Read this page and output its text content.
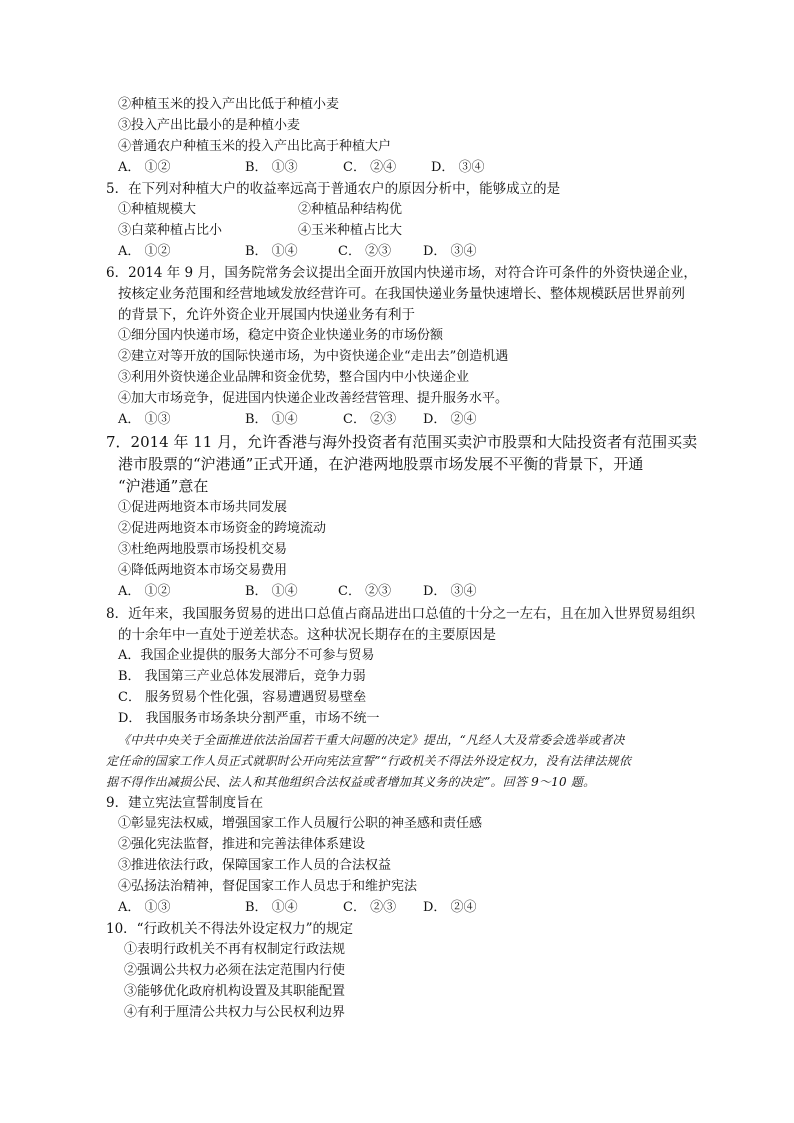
②种植玉米的投入产出比低于种植小麦
③投入产出比最小的是种植小麦
④普通农户种植玉米的投入产出比高于种植大户
A． ①②	B． ①③	C． ②④	D． ③④
5．在下列对种植大户的收益率远高于普通农户的原因分析中，能够成立的是
①种植规模大	②种植品种结构优
③白菜种植占比小	④玉米种植占比大
A． ①②	B． ①④	C． ②③ D． ③④
6．2014 年 9 月，国务院常务会议提出全面开放国内快递市场，对符合许可条件的外资快递企业，
按核定业务范围和经营地域发放经营许可。在我国快递业务量快速增长、整体规模跃居世界前列
的背景下，允许外资企业开展国内快递业务有利于
①细分国内快递市场，稳定中资企业快递业务的市场份额
②建立对等开放的国际快递市场，为中资快递企业“走出去”创造机遇
③利用外资快递企业品牌和资金优势，整合国内中小快递企业
④加大市场竞争，促进国内快递企业改善经营管理、提升服务水平。
A． ①③	B． ①④	C． ②③ D． ②④
7．2014 年 11 月，允许香港与海外投资者有范围买卖沪市股票和大陆投资者有范围买卖
港市股票的“沪港通”正式开通，在沪港两地股票市场发展不平衡的背景下，开通
“沪港通”意在
①促进两地资本市场共同发展
②促进两地资本市场资金的跨境流动
③杜绝两地股票市场投机交易
④降低两地资本市场交易费用
A． ①②	B． ①④	C． ②③ D． ③④
8．近年来，我国服务贸易的进出口总值占商品进出口总值的十分之一左右，且在加入世界贸易组织
的十余年中一直处于逆差状态。这种状况长期存在的主要原因是
A．我国企业提供的服务大部分不可参与贸易
B． 我国第三产业总体发展滞后，竞争力弱
C． 服务贸易个性化强，容易遭遇贸易壁垒
D． 我国服务市场条块分割严重，市场不统一
《中共中央关于全面推进依法治国若干重大问题的决定》提出，“凡经人大及常委会选举或者决
定任命的国家工作人员正式就职时公开向宪法宣誓”“行政机关不得法外设定权力，没有法律法规依
据不得作出减损公民、法人和其他组织合法权益或者增加其义务的决定”。回答 9～10 题。
9．建立宪法宣誓制度旨在
①彰显宪法权威，增强国家工作人员履行公职的神圣感和责任感
②强化宪法监督，推进和完善法律体系建设
③推进依法行政，保障国家工作人员的合法权益
④弘扬法治精神，督促国家工作人员忠于和维护宪法
A． ①③	B． ①④	C． ②③ D． ②④
10．“行政机关不得法外设定权力”的规定
①表明行政机关不再有权制定行政法规
②强调公共权力必须在法定范围内行使
③能够优化政府机构设置及其职能配置
④有利于厘清公共权力与公民权利边界
